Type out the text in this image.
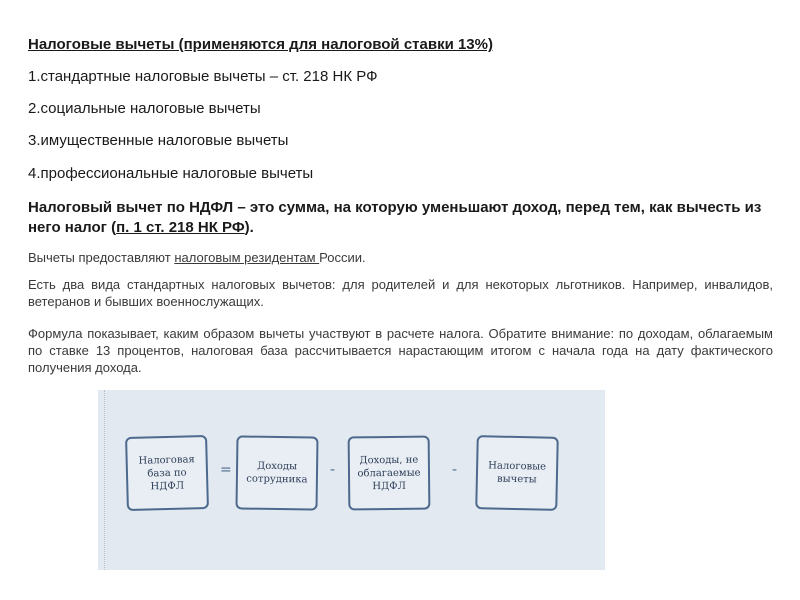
Налоговые вычеты (применяются для налоговой ставки 13%)
1.стандартные налоговые вычеты – ст. 218 НК РФ
2.социальные налоговые вычеты
3.имущественные налоговые вычеты
4.профессиональные налоговые вычеты
Налоговый вычет по НДФЛ – это сумма, на которую уменьшают доход, перед тем, как вычесть из него налог (п. 1 ст. 218 НК РФ).
Вычеты предоставляют налоговым резидентам России.
Есть два вида стандартных налоговых вычетов: для родителей и для некоторых льготников. Например, инвалидов, ветеранов и бывших военнослужащих.
Формула показывает, каким образом вычеты участвуют в расчете налога. Обратите внимание: по доходам, облагаемым по ставке 13 процентов, налоговая база рассчитывается нарастающим итогом с начала года на дату фактического получения дохода.
Налоговая база по НДФЛ
=	Доходы сотрудника
-
Доходы, не облагаемые НДФЛ
-	Налоговые вычеты
